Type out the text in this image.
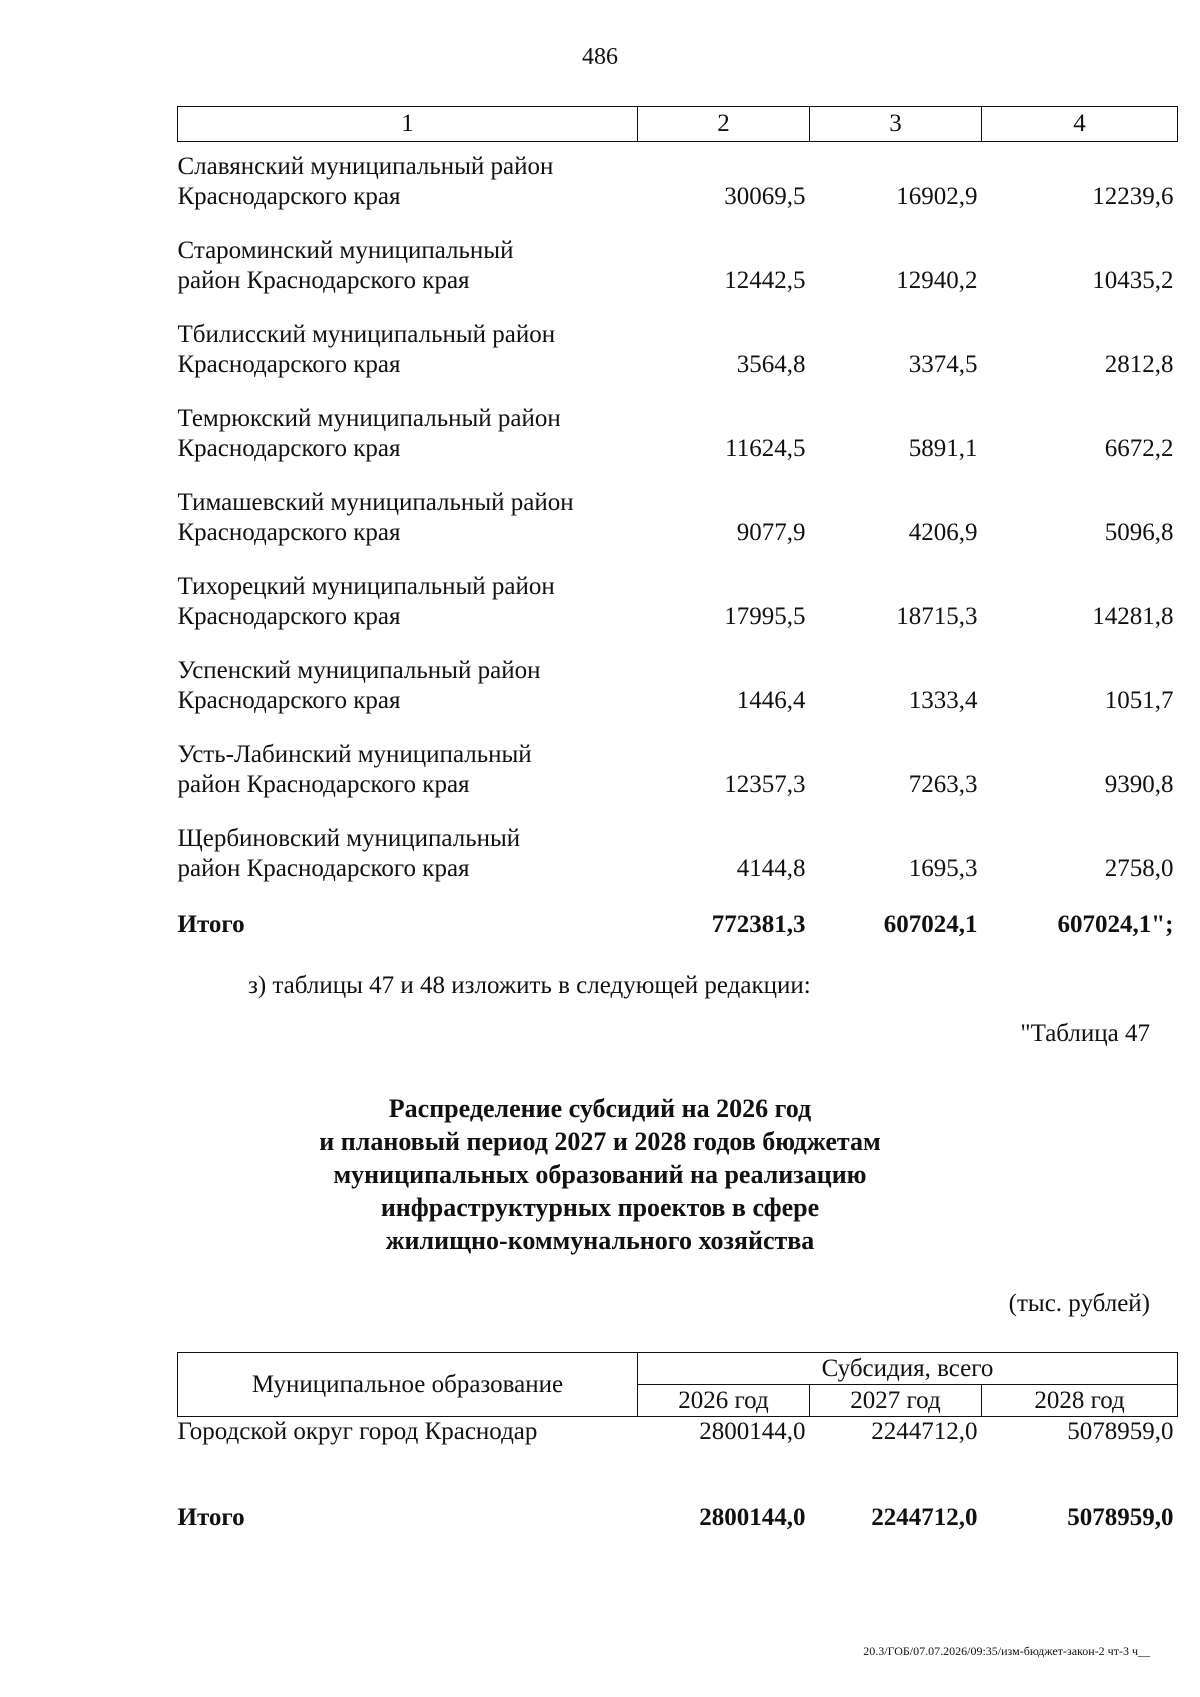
486
1	2	3	4
Славянский муниципальный район
Краснодарского края	30069,5	16902,9	12239,6
Староминский муниципальный
район Краснодарского края	12442,5	12940,2	10435,2
Тбилисский муниципальный район
Краснодарского края	3564,8	3374,5	2812,8
Темрюкский муниципальный район
Краснодарского края	11624,5	5891,1	6672,2
Тимашевский муниципальный район
Краснодарского края	9077,9	4206,9	5096,8
Тихорецкий муниципальный район
Краснодарского края	17995,5	18715,3	14281,8
Успенский муниципальный район
Краснодарского края	1446,4	1333,4	1051,7
Усть-Лабинский муниципальный
район Краснодарского края	12357,3	7263,3	9390,8
Щербиновский муниципальный
район Краснодарского края	4144,8	1695,3	2758,0
Итого	772381,3	607024,1	607024,1";
з) таблицы 47 и 48 изложить в следующей редакции:
"Таблица 47
Распределение субсидий на 2026 год
и плановый период 2027 и 2028 годов бюджетам
муниципальных образований на реализацию
инфраструктурных проектов в сфере
жилищно-коммунального хозяйства
(тыс. рублей)
Муниципальное образование	Субсидия, всего		
	2026 год	2027 год	2028 год
Городской округ город Краснодар	2800144,0	2244712,0	5078959,0
Итого	2800144,0	2244712,0	5078959,0
20.3/ГОБ/07.07.2026/09:35/изм-бюджет-закон-2 чт-3 ч__
